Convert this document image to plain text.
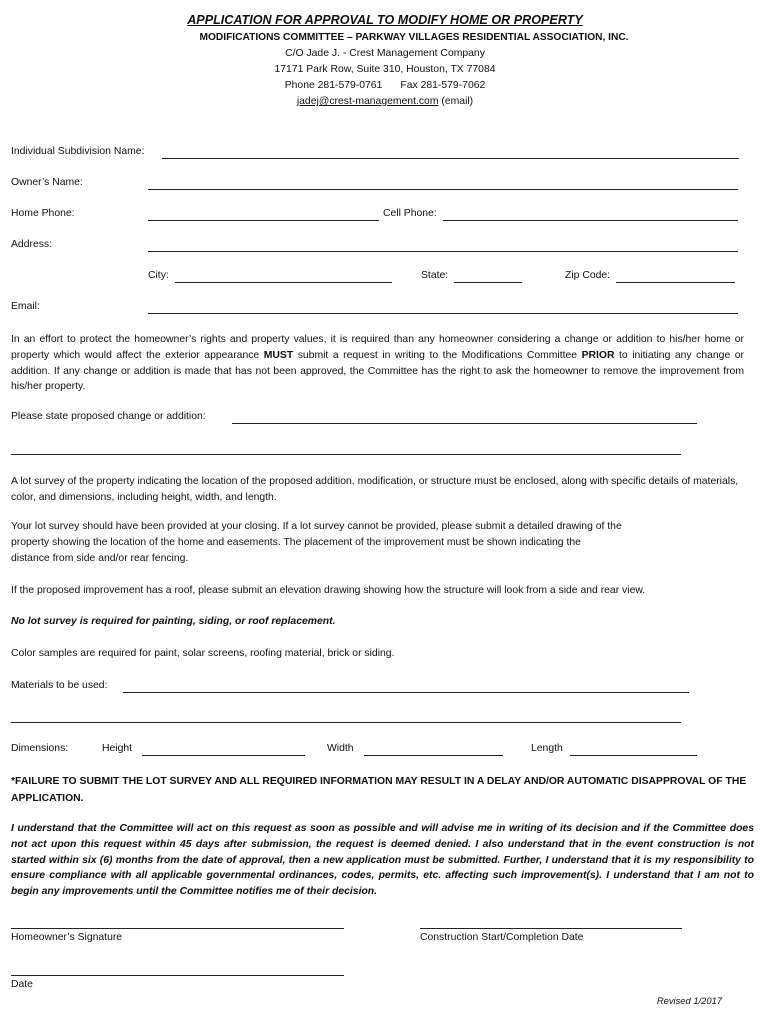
APPLICATION FOR APPROVAL TO MODIFY HOME OR PROPERTY
MODIFICATIONS COMMITTEE – PARKWAY VILLAGES RESIDENTIAL ASSOCIATION, INC.
C/O Jade J. - Crest Management Company
17171 Park Row, Suite 310, Houston, TX 77084
Phone 281-579-0761 Fax 281-579-7062
jadej@crest-management.com (email)
Individual Subdivision Name:
Owner’s Name:
Home Phone:	Cell Phone:
Address:
City:	State:	Zip Code:
Email:
In an effort to protect the homeowner’s rights and property values, it is required than any homeowner considering a change or addition to his/her home or property which would affect the exterior appearance MUST submit a request in writing to the Modifications Committee PRIOR to initiating any change or addition. If any change or addition is made that has not been approved, the Committee has the right to ask the homeowner to remove the improvement from his/her property.
Please state proposed change or addition:
A lot survey of the property indicating the location of the proposed addition, modification, or structure must be enclosed, along with specific details of materials, color, and dimensions, including height, width, and length.
Your lot survey should have been provided at your closing. If a lot survey cannot be provided, please submit a detailed drawing of the
property showing the location of the home and easements. The placement of the improvement must be shown indicating the
distance from side and/or rear fencing.
If the proposed improvement has a roof, please submit an elevation drawing showing how the structure will look from a side and rear view.
No lot survey is required for painting, siding, or roof replacement.
Color samples are required for paint, solar screens, roofing material, brick or siding.
Materials to be used:
Dimensions:	Height	Width	Length
*FAILURE TO SUBMIT THE LOT SURVEY AND ALL REQUIRED INFORMATION MAY RESULT IN A DELAY AND/OR AUTOMATIC DISAPPROVAL OF THE APPLICATION.
I understand that the Committee will act on this request as soon as possible and will advise me in writing of its decision and if the Committee does not act upon this request within 45 days after submission, the request is deemed denied. I also understand that in the event construction is not started within six (6) months from the date of approval, then a new application must be submitted. Further, I understand that it is my responsibility to ensure compliance with all applicable governmental ordinances, codes, permits, etc. affecting such improvement(s). I understand that I am not to begin any improvements until the Committee notifies me of their decision.
Homeowner’s Signature	Construction Start/Completion Date
Date
Revised 1/2017
